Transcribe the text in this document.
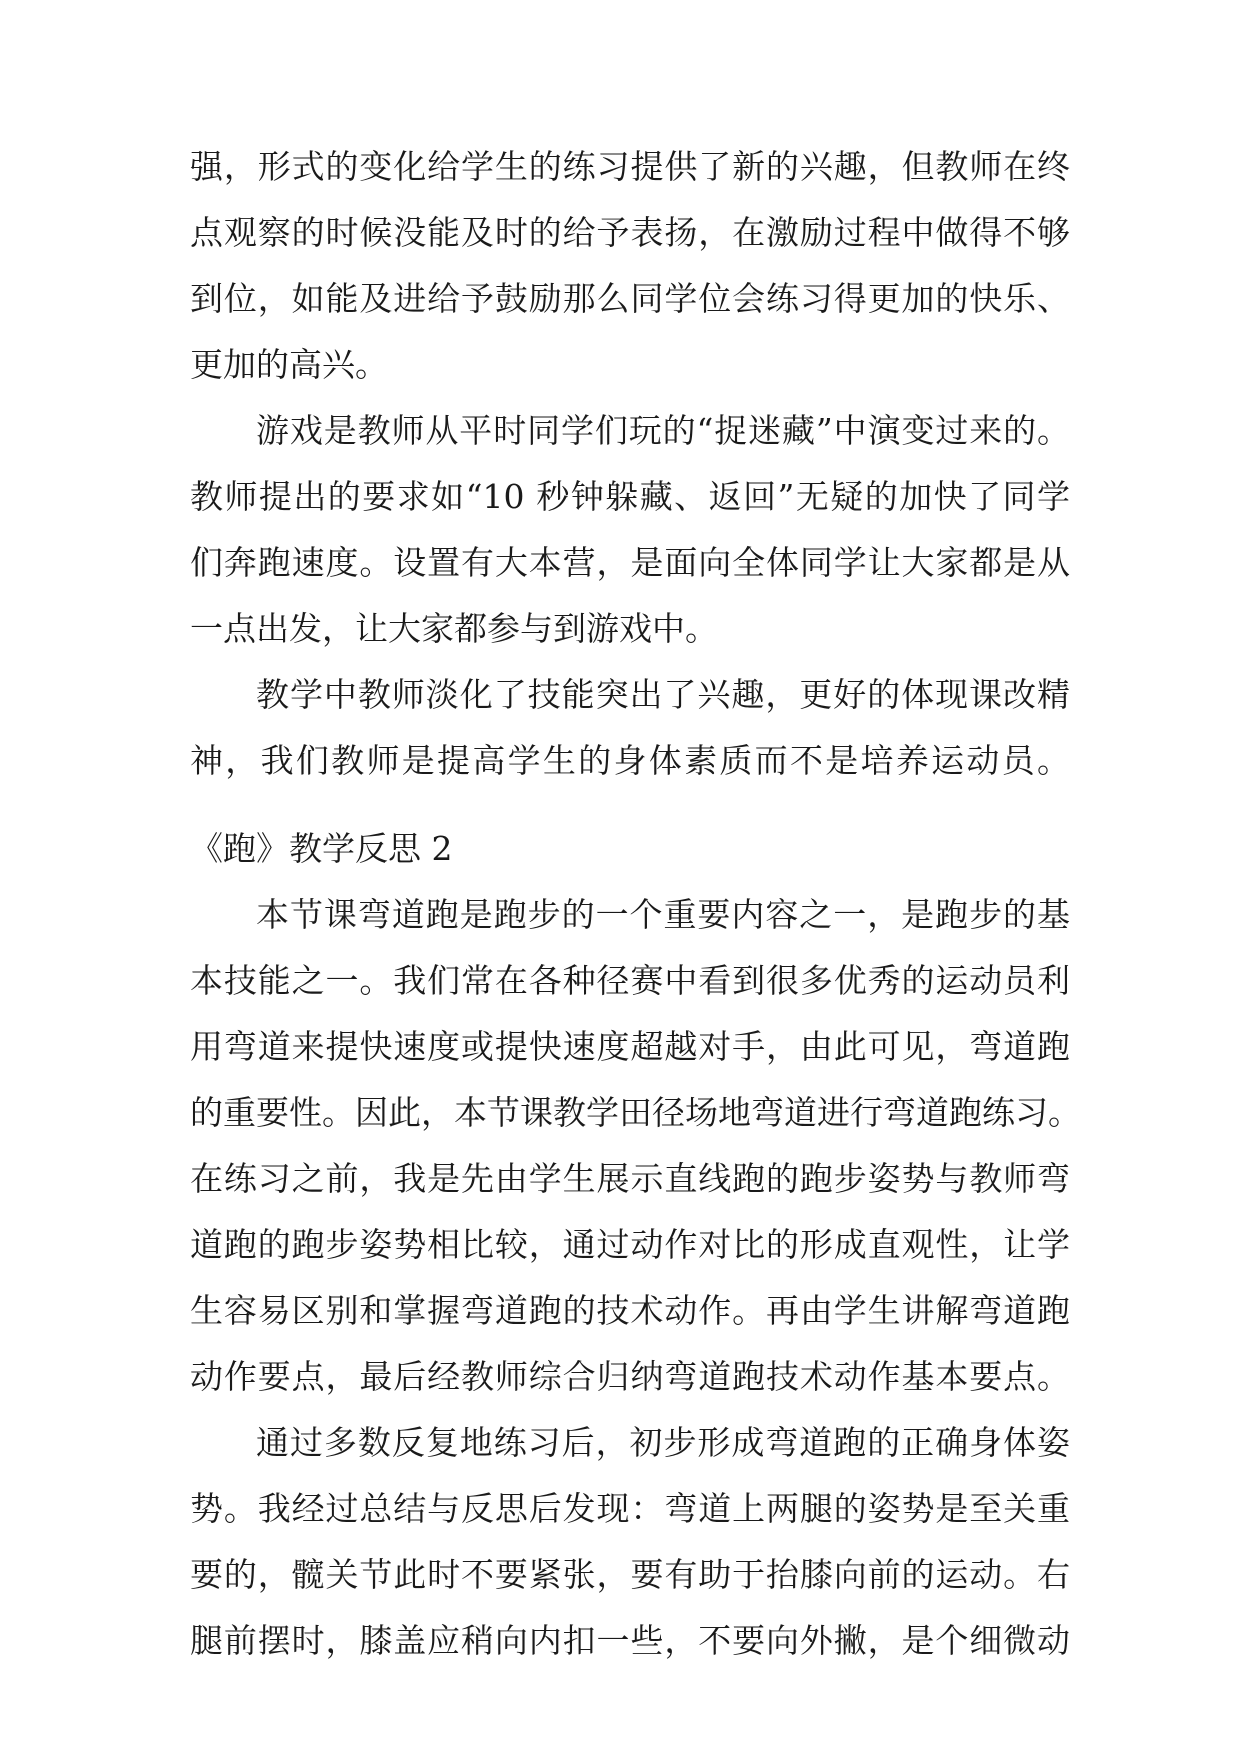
强，形式的变化给学生的练习提供了新的兴趣，但教师在终
点观察的时候没能及时的给予表扬，在激励过程中做得不够
到位，如能及进给予鼓励那么同学位会练习得更加的快乐、
更加的高兴。
游戏是教师从平时同学们玩的“捉迷藏”中演变过来的。
教师提出的要求如“10 秒钟躲藏、返回”无疑的加快了同学
们奔跑速度。设置有大本营，是面向全体同学让大家都是从
一点出发，让大家都参与到游戏中。
教学中教师淡化了技能突出了兴趣，更好的体现课改精
神，我们教师是提高学生的身体素质而不是培养运动员。
《跑》教学反思 2
本节课弯道跑是跑步的一个重要内容之一，是跑步的基
本技能之一。我们常在各种径赛中看到很多优秀的运动员利
用弯道来提快速度或提快速度超越对手，由此可见，弯道跑
的重要性。因此，本节课教学田径场地弯道进行弯道跑练习。
在练习之前，我是先由学生展示直线跑的跑步姿势与教师弯
道跑的跑步姿势相比较，通过动作对比的形成直观性，让学
生容易区别和掌握弯道跑的技术动作。再由学生讲解弯道跑
动作要点，最后经教师综合归纳弯道跑技术动作基本要点。
通过多数反复地练习后，初步形成弯道跑的正确身体姿
势。我经过总结与反思后发现：弯道上两腿的姿势是至关重
要的，髋关节此时不要紧张，要有助于抬膝向前的运动。右
腿前摆时，膝盖应稍向内扣一些，不要向外撇，是个细微动
